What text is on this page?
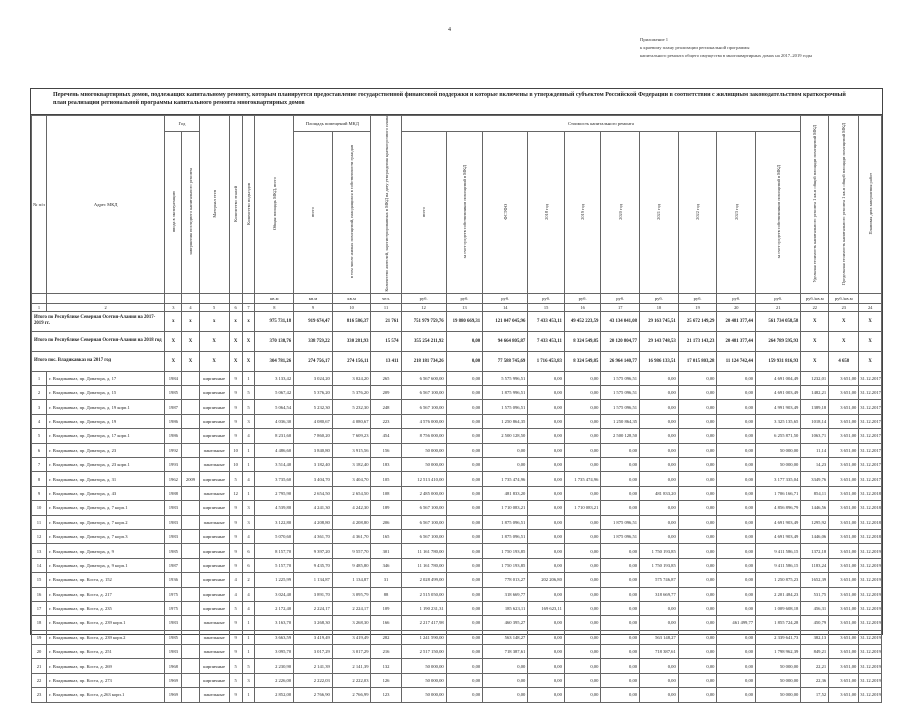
4
Приложение 1
к краевому плану реализации региональной программы
капитального ремонта общего имущества в многоквартирных домах на 2017–2019 годы
Перечень многоквартирных домов, подлежащих капитальному ремонту, которым планируется предоставление государственной финансовой поддержки и которые включены в утвержденный субъектом Российской Федерации в соответствии с жилищным законодательством краткосрочный план реализации региональной программы капитального ремонта многоквартирных домов
№ п/п	Адрес МКД	Год		Материал стен	Количество этажей	Количество подъездов	Общая площадь МКД, всего	Площадь помещений МКД		Количество жителей, зарегистрированных в МКД на дату утверждения краткосрочного плана	Стоимость капитального ремонта										Удельная стоимость капитального ремонта 1 кв.м общей площади помещений МКД	Предельная стоимость капитального ремонта 1 кв.м общей площади помещений МКД	Плановая дата завершения работ
		ввода в эксплуатацию	завершения последнего капитального ремонта					всего	в том числе жилых помещений, находящихся в собственности граждан		всего	за счет средств собственников помещений в МКД	ФСТФО	2018 год	2019 год	2020 год	2021 год	2022 год	2023 год	за счет средств собственников помещений в МКД			
							кв.м	кв.м	кв.м	чел.	руб.	руб.	руб.	руб.	руб.	руб.	руб.	руб.	руб.	руб.	руб./кв.м	руб./кв.м	
1	2	3	4	5	6	7	8	9	10	11	12	13	14	15	16	17	18	19	20	21	22	23	24
Итого по Республике Северная Осетия-Алания на 2017-2019 гг.		x	x	x	x	x	975 731,18	919 674,47	816 586,37	21 761	751 979 759,76	19 880 669,31	121 047 045,96	7 433 453,11	49 452 223,59	43 134 041,08	29 163 745,51	25 672 149,29	20 481 377,44	561 734 058,58	X	X	X
Итого по Республике Северная Осетия-Алания на 2018 год		X	X	X	X	X	370 138,76	338 759,22	330 281,93	15 574	355 254 211,92	0,00	94 664 805,87	7 433 453,11	8 324 549,85	20 120 804,77	29 143 748,53	21 173 143,23	20 481 377,44	264 789 595,93	X	X	X
Итого пос. Владикавказ на 2017 год		X	X	X	X	X	304 781,26	274 756,17	274 156,11	13 411	218 181 734,26	0,00	77 588 745,69	1 716 453,83	8 324 549,85	26 964 140,77	16 986 133,51	17 015 803,28	11 124 742,44	159 931 816,93	X	4 658	X
1	г. Владикавказ, пр. Доватора, д. 17	1984		кирпичные	9	1	3 133,42	3 024,20	3 024,20	265	6 567 600,00	0,00	5 575 996,51	0,00	0,00	1 575 096,51	0,00	0,00	0,00	4 691 004,49	1232,01	3 651,00	31.12.2017
2	г. Владикавказ, пр. Доватора, д. 15	1985		кирпичные	9	5	5 067,42	5 376,20	5 376,20	209	6 567 100,00	0,00	1 875 996,51	0,00	0,00	1 575 096,51	0,00	0,00	0,00	4 691 003,49	1482,21	3 651,00	31.12.2017
3	г. Владикавказ, пр. Доватора, д. 19 корп.1	1987		кирпичные	9	5	5 064,54	5 232,30	5 232,30	248	6 567 100,00	0,00	1 575 096,51	0,00	0,00	1 575 096,51	0,00	0,00	0,00	4 991 903,49	1389,18	3 651,00	31.12.2017
4	г. Владикавказ, пр. Доватора, д. 19	1986		кирпичные	9	3	4 036,30	4 080,67	4 080,67	223	4 576 000,00	0,00	1 250 864,35	0,00	0,00	1 250 864,35	0,00	0,00	0,00	3 325 135,65	1018,14	3 651,00	31.12.2017
5	г. Владикавказ, пр. Доватора, д. 17 корп.1	1986		кирпичные	9	4	8 231,60	7 860,20	7 609,23	454	8 756 000,00	0,00	2 500 128,50	0,00	0,00	2 500 128,50	0,00	0,00	0,00	6 255 871,50	1063,71	3 651,00	31.12.2017
6	г. Владикавказ, пр. Доватора, д. 23	1992		панельные	10	1	4 486,60	3 840,80	3 915,56	156	50 000,00	0,00	0,00	0,00	0,00	0,00	0,00	0,00	0,00	50 000,00	11,14	3 651,00	31.12.2017
7	г. Владикавказ, пр. Доватора, д. 23 корп.1	1993		панельные	10	1	3 514,40	3 182,40	3 182,40	183	50 000,00	0,00	0,00	0,00	0,00	0,00	0,00	0,00	0,00	50 000,00	14,23	3 651,00	31.12.2017
8	г. Владикавказ, пр. Доватора, д. 31	1962	2009	кирпичные	5	4	3 735,60	3 404,70	3 404,70	105	12 513 410,00	0,00	1 735 474,96	0,00	1 735 474,96	0,00	0,00	0,00	0,00	3 177 335,04	3349,76	3 651,00	31.12.2017
9	г. Владикавказ, пр. Доватора, д. 43	1988		панельные	12	1	2 795,90	2 654,50	2 654,50	108	2 485 000,00	0,00	481 833,20	0,00	0,00	0,00	481 833,20	0,00	0,00	1 706 166,71	854,11	3 651,00	31.12.2018
10	г. Владикавказ, пр. Доватора, д. 7 корп.1	1983		кирпичные	9	3	4 539,80	4 241,30	4 242,30	189	6 567 100,00	0,00	1 710 083,21	0,00	1 710 083,21	0,00	0,00	0,00	0,00	4 856 896,79	1446,56	3 651,00	31.12.2018
11	г. Владикавказ, пр. Доватора, д. 7 корп.2	1983		панельные	9	3	3 122,80	4 208,80	4 208,80	206	6 567 100,00	0,00	1 875 096,51	0,00	0,00	1 875 096,51	0,00	0,00	0,00	4 691 903,49	1295,92	3 651,00	31.12.2018
12	г. Владикавказ, пр. Доватора, д. 7 корп.3	1983		кирпичные	9	4	5 070,60	4 361,70	4 361,70	165	6 567 100,00	0,00	1 875 096,51	0,00	0,00	1 875 096,51	0,00	0,00	0,00	4 691 903,49	1446,06	3 651,00	31.12.2018
13	г. Владикавказ, пр. Доватора, д. 9	1985		кирпичные	9	6	8 157,70	9 397,20	9 557,70	301	11 161 780,00	0,00	1 750 193,85	0,00	0,00	0,00	1 750 193,85	0,00	0,00	9 411 586,15	1372,18	3 651,00	31.12.2019
14	г. Владикавказ, пр. Доватора, д. 9 корп.1	1987		кирпичные	9	6	5 157,70	9 435,70	9 485,80	346	11 161 780,00	0,00	1 750 193,85	0,00	0,00	0,00	1 750 193,85	0,00	0,00	9 411 586,15	1183,24	3 651,00	31.12.2019
15	г. Владикавказ, пр. Коста, д. 152	1936		кирпичные	4	2	1 225,99	1 134,87	1 134,87	31	2 028 499,00	0,00	778 013,27	202 206,80	0,00	0,00	575 746,87	0,00	0,00	1 250 875,23	1652,39	3 651,00	31.12.2019
16	г. Владикавказ, пр. Коста, д. 217	1975		кирпичные	4	4	3 024,40	3 891,70	3 095,79	88	2 515 050,00	0,00	318 669,77	0,00	0,00	0,00	318 669,77	0,00	0,00	2 201 484,23	531,75	3 651,00	31.12.2019
17	г. Владикавказ, пр. Коста, д. 235	1975		кирпичные	5	4	2 172,40	2 224,17	2 224,17	109	1 190 231,31	0,00	185 623,11	169 623,11	0,00	0,00	0,00	0,00	0,00	1 009 608,18	456,31	3 651,00	31.12.2019
18	г. Владикавказ, пр. Коста, д. 239 корп.1	1983		панельные	9	1	3 163,70	3 268,30	3 268,30	166	2 217 417,98	0,00	460 395,27	0,00	0,00	0,00	0,00	0,00	461 499,77	1 855 724,28	450,79	3 651,00	31.12.2019
19	г. Владикавказ, пр. Коста, д. 239 корп.2	1985		панельные	9	1	3 663,59	3 419,49	3 419,49	282	1 241 590,00	0,00	563 148,27	0,00	0,00	0,00	563 148,27	0,00	0,00	2 339 641,73	382,13	3 651,00	31.12.2019
20	г. Владикавказ, пр. Коста, д. 251	1983		панельные	9	1	3 095,70	3 017,29	3 017,29	216	2 517 150,00	0,00	718 387,61	0,00	0,00	0,00	718 387,61	0,00	0,00	1 798 962,39	849,21	3 651,00	31.12.2019
21	г. Владикавказ, пр. Коста, д. 269	1968		кирпичные	5	5	2 230,90	2 141,39	2 141,39	132	50 000,00	0,00	0,00	0,00	0,00	0,00	0,00	0,00	0,00	50 000,00	22,21	3 651,00	31.12.2019
22	г. Владикавказ, пр. Коста, д. 273	1969		кирпичные	5	3	2 226,00	2 222,03	2 222,03	126	50 000,00	0,00	0,00	0,00	0,00	0,00	0,00	0,00	0,00	50 000,00	22,36	3 651,00	31.12.2019
23	г. Владикавказ, пр. Коста, д.263 корп.1	1969		панельные	9	1	2 852,00	2 766,90	2 766,99	123	50 000,00	0,00	0,00	0,00	0,00	0,00	0,00	0,00	0,00	50 000,00	17,52	3 651,00	31.12.2019
